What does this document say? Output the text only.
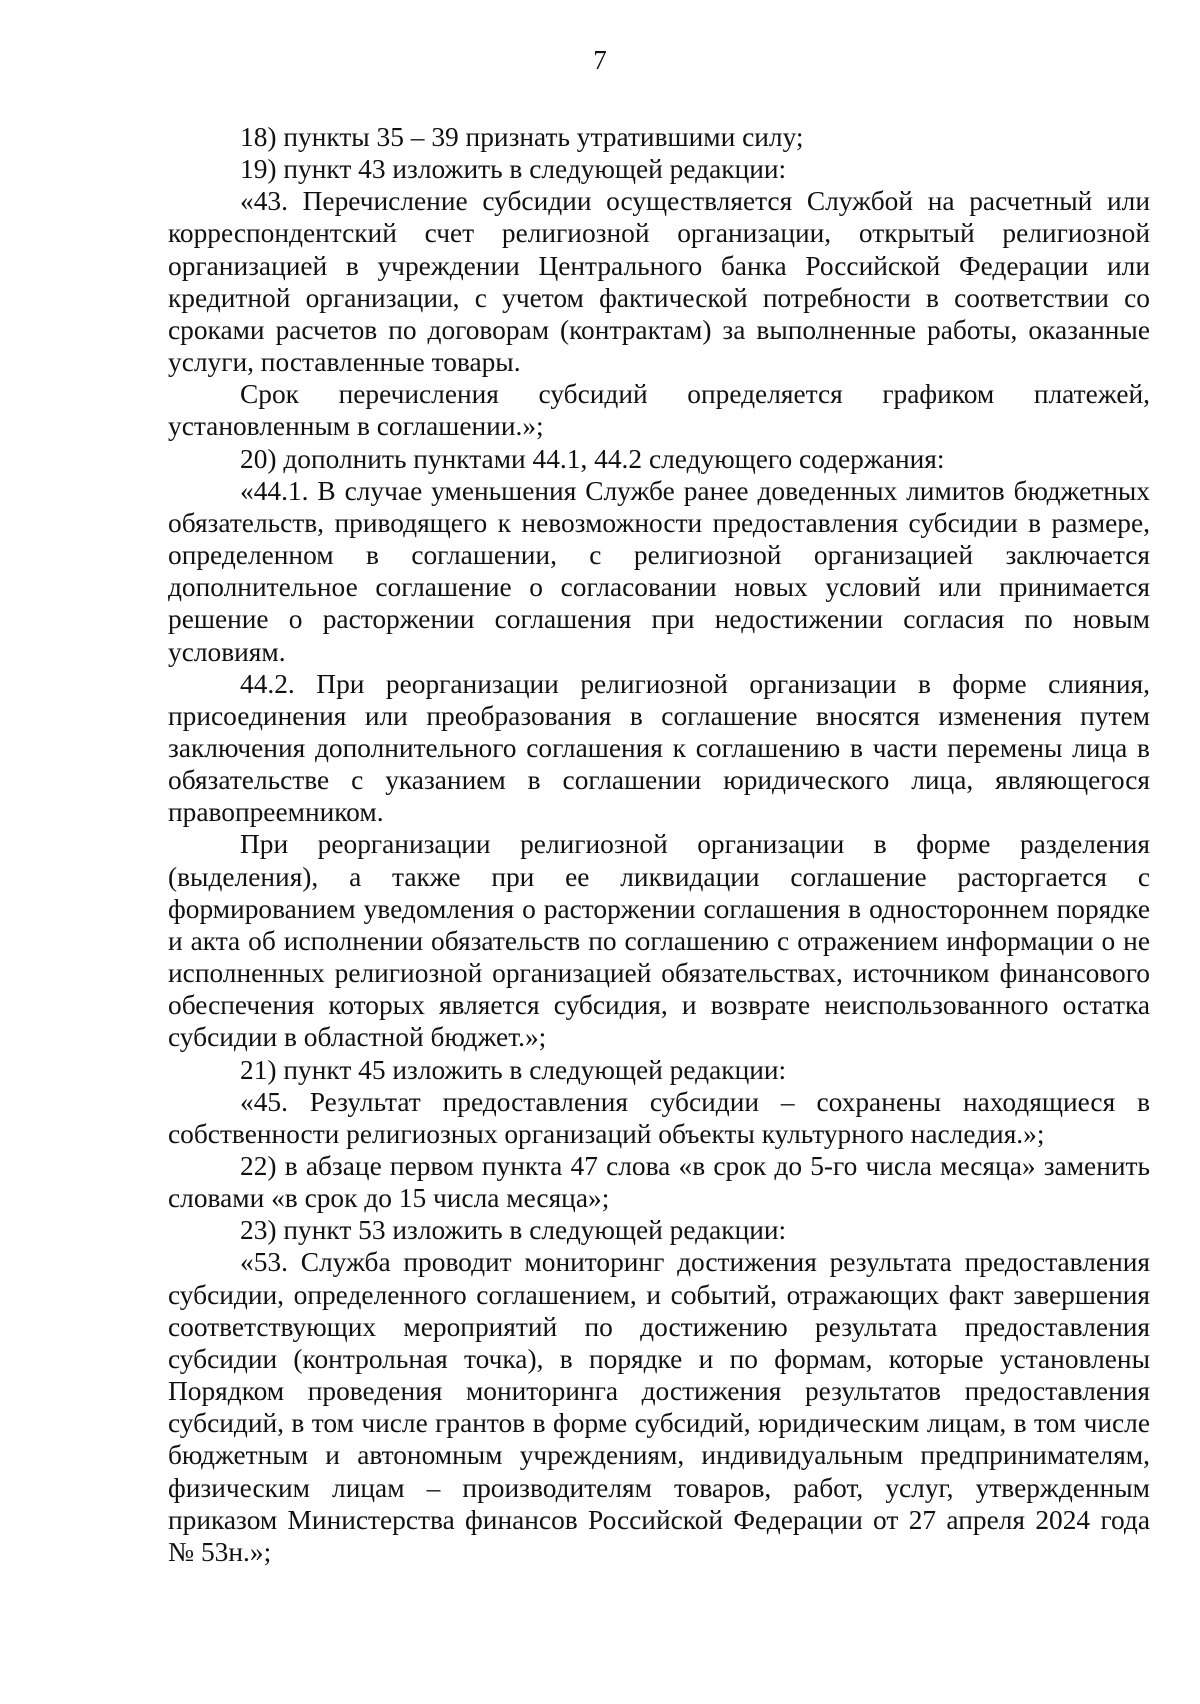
7

18) пункты 35 – 39 признать утратившими силу;

19) пункт 43 изложить в следующей редакции:

«43. Перечисление субсидии осуществляется Службой на расчетный или корреспондентский счет религиозной организации, открытый религиозной организацией в учреждении Центрального банка Российской Федерации или кредитной организации, с учетом фактической потребности в соответствии со сроками расчетов по договорам (контрактам) за выполненные работы, оказанные услуги, поставленные товары.

Срок перечисления субсидий определяется графиком платежей, установленным в соглашении.»;

20) дополнить пунктами 44.1, 44.2 следующего содержания:

«44.1. В случае уменьшения Службе ранее доведенных лимитов бюджетных обязательств, приводящего к невозможности предоставления субсидии в размере, определенном в соглашении, с религиозной организацией заключается дополнительное соглашение о согласовании новых условий или принимается решение о расторжении соглашения при недостижении согласия по новым условиям.

44.2. При реорганизации религиозной организации в форме слияния, присоединения или преобразования в соглашение вносятся изменения путем заключения дополнительного соглашения к соглашению в части перемены лица в обязательстве с указанием в соглашении юридического лица, являющегося правопреемником.

При реорганизации религиозной организации в форме разделения (выделения), а также при ее ликвидации соглашение расторгается с формированием уведомления о расторжении соглашения в одностороннем порядке и акта об исполнении обязательств по соглашению с отражением информации о не исполненных религиозной организацией обязательствах, источником финансового обеспечения которых является субсидия, и возврате неиспользованного остатка субсидии в областной бюджет.»;

21) пункт 45 изложить в следующей редакции:

«45. Результат предоставления субсидии – сохранены находящиеся в собственности религиозных организаций объекты культурного наследия.»;

22) в абзаце первом пункта 47 слова «в срок до 5-го числа месяца» заменить словами «в срок до 15 числа месяца»;

23) пункт 53 изложить в следующей редакции:

«53. Служба проводит мониторинг достижения результата предоставления субсидии, определенного соглашением, и событий, отражающих факт завершения соответствующих мероприятий по достижению результата предоставления субсидии (контрольная точка), в порядке и по формам, которые установлены Порядком проведения мониторинга достижения результатов предоставления субсидий, в том числе грантов в форме субсидий, юридическим лицам, в том числе бюджетным и автономным учреждениям, индивидуальным предпринимателям, физическим лицам – производителям товаров, работ, услуг, утвержденным приказом Министерства финансов Российской Федерации от 27 апреля 2024 года № 53н.»;
